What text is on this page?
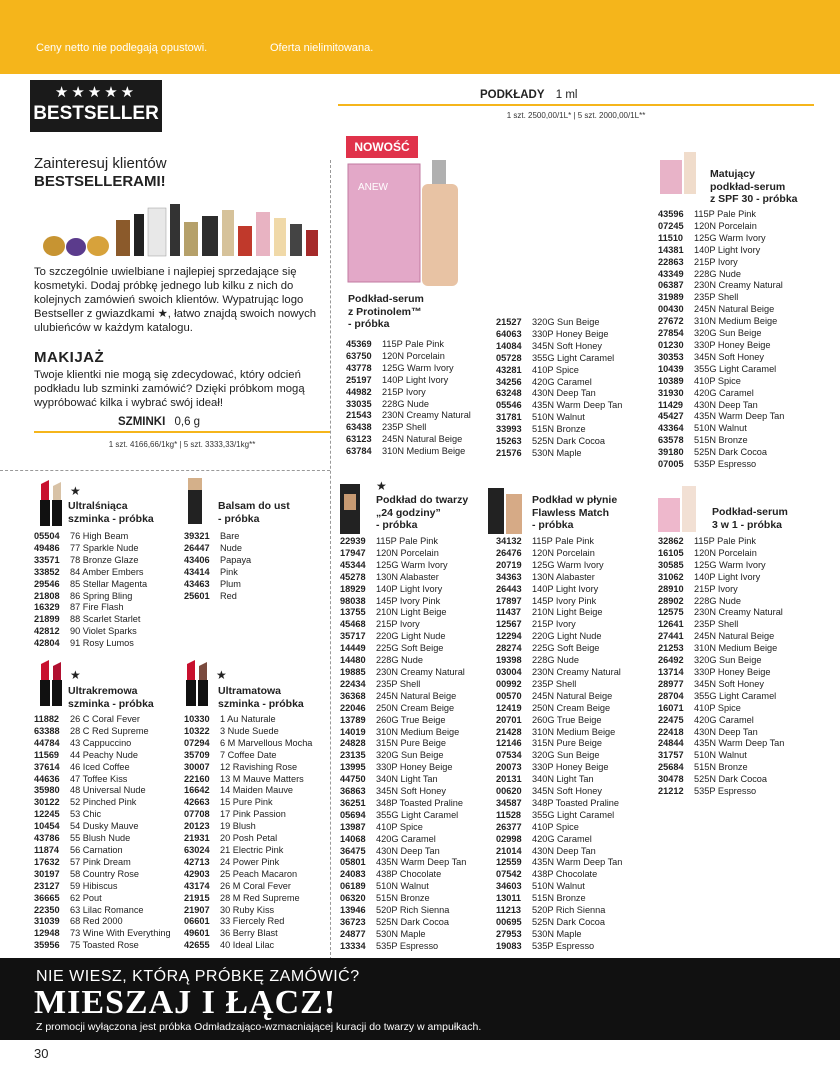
Ceny netto nie podlegają opustowi.	Oferta nielimitowana.
★★★★★
BESTSELLER
Zainteresuj klientów
BESTSELLERAMI!
To szczególnie uwielbiane i najlepiej sprzedające się kosmetyki. Dodaj próbkę jednego lub kilku z nich do kolejnych zamówień swoich klientów. Wypatrując logo Bestseller z gwiazdkami ★, łatwo znajdą swoich nowych ulubieńców w każdym katalogu.
MAKIJAŻ
Twoje klientki nie mogą się zdecydować, który odcień podkładu lub szminki zamówić? Dzięki próbkom mogą wypróbować kilka i wybrać swój ideał!
SZMINKI 0,6 g
1 szt. 4166,66/1kg* | 5 szt. 3333,33/1kg**
PODKŁADY 1 ml
1 szt. 2500,00/1L* | 5 szt. 2000,00/1L**
NOWOŚĆ
ANEW
★
Ultralśniąca
szminka - próbka
Balsam do ust
- próbka
★
Ultrakremowa
szminka - próbka
★
Ultramatowa
szminka - próbka
Podkład-serum
z Protinolem™
- próbka
Matujący
podkład-serum
z SPF 30 - próbka
★
Podkład do twarzy
„24 godziny”
- próbka
Podkład w płynie
Flawless Match
- próbka
Podkład-serum
3 w 1 - próbka
05504 76 High Beam
49486 77 Sparkle Nude
33571 78 Bronze Glaze
33852 84 Amber Embers
29546 85 Stellar Magenta
21808 86 Spring Bling
16329 87 Fire Flash
21899 88 Scarlet Starlet
42812 90 Violet Sparks
42804 91 Rosy Lumos
39321 Bare
26447 Nude
43406 Papaya
43414 Pink
43463 Plum
25601 Red
11882 26 C Coral Fever
63388 28 C Red Supreme
44784 43 Cappuccino
11569 44 Peachy Nude
37614 46 Iced Coffee
44636 47 Toffee Kiss
35980 48 Universal Nude
30122 52 Pinched Pink
12245 53 Chic
10454 54 Dusky Mauve
43786 55 Blush Nude
11874 56 Carnation
17632 57 Pink Dream
30197 58 Country Rose
23127 59 Hibiscus
36665 62 Pout
22350 63 Lilac Romance
31039 68 Red 2000
12948 73 Wine With Everything
35956 75 Toasted Rose
10330 1 Au Naturale
10322 3 Nude Suede
07294 6 M Marvellous Mocha
35709 7 Coffee Date
30007 12 Ravishing Rose
22160 13 M Mauve Matters
16642 14 Maiden Mauve
42663 15 Pure Pink
07708 17 Pink Passion
20123 19 Blush
21931 20 Posh Petal
63024 21 Electric Pink
42713 24 Power Pink
42903 25 Peach Macaron
43174 26 M Coral Fever
21915 28 M Red Supreme
21907 30 Ruby Kiss
06601 33 Fiercely Red
49601 36 Berry Blast
42655 40 Ideal Lilac
45369 115P Pale Pink
63750 120N Porcelain
43778 125G Warm Ivory
25197 140P Light Ivory
44982 215P Ivory
33035 228G Nude
21543 230N Creamy Natural
63438 235P Shell
63123 245N Natural Beige
63784 310N Medium Beige
21527 320G Sun Beige
64063 330P Honey Beige
14084 345N Soft Honey
05728 355G Light Caramel
43281 410P Spice
34256 420G Caramel
63248 430N Deep Tan
05546 435N Warm Deep Tan
31781 510N Walnut
33993 515N Bronze
15263 525N Dark Cocoa
21576 530N Maple
43596 115P Pale Pink
07245 120N Porcelain
11510 125G Warm Ivory
14381 140P Light Ivory
22863 215P Ivory
43349 228G Nude
06387 230N Creamy Natural
31989 235P Shell
00430 245N Natural Beige
27672 310N Medium Beige
27854 320G Sun Beige
01230 330P Honey Beige
30353 345N Soft Honey
10439 355G Light Caramel
10389 410P Spice
31930 420G Caramel
11429 430N Deep Tan
45427 435N Warm Deep Tan
43364 510N Walnut
63578 515N Bronze
39180 525N Dark Cocoa
07005 535P Espresso
22939 115P Pale Pink
17947 120N Porcelain
45344 125G Warm Ivory
45278 130N Alabaster
18929 140P Light Ivory
98038 145P Ivory Pink
13755 210N Light Beige
45468 215P Ivory
35717 220G Light Nude
14449 225G Soft Beige
14480 228G Nude
19885 230N Creamy Natural
22434 235P Shell
36368 245N Natural Beige
22046 250N Cream Beige
13789 260G True Beige
14019 310N Medium Beige
24828 315N Pure Beige
23135 320G Sun Beige
13995 330P Honey Beige
44750 340N Light Tan
36863 345N Soft Honey
36251 348P Toasted Praline
05694 355G Light Caramel
13987 410P Spice
14068 420G Caramel
36475 430N Deep Tan
05801 435N Warm Deep Tan
24083 438P Chocolate
06189 510N Walnut
06320 515N Bronze
13946 520P Rich Sienna
36723 525N Dark Cocoa
24877 530N Maple
13334 535P Espresso
34132 115P Pale Pink
26476 120N Porcelain
20719 125G Warm Ivory
34363 130N Alabaster
26443 140P Light Ivory
17897 145P Ivory Pink
11437 210N Light Beige
12567 215P Ivory
12294 220G Light Nude
28274 225G Soft Beige
19398 228G Nude
03004 230N Creamy Natural
00992 235P Shell
00570 245N Natural Beige
12419 250N Cream Beige
20701 260G True Beige
21428 310N Medium Beige
12146 315N Pure Beige
07534 320G Sun Beige
20073 330P Honey Beige
20131 340N Light Tan
00620 345N Soft Honey
34587 348P Toasted Praline
11528 355G Light Caramel
26377 410P Spice
02998 420G Caramel
21014 430N Deep Tan
12559 435N Warm Deep Tan
07542 438P Chocolate
34603 510N Walnut
13011 515N Bronze
11213 520P Rich Sienna
00695 525N Dark Cocoa
27953 530N Maple
19083 535P Espresso
32862 115P Pale Pink
16105 120N Porcelain
30585 125G Warm Ivory
31062 140P Light Ivory
28910 215P Ivory
28902 228G Nude
12575 230N Creamy Natural
12641 235P Shell
27441 245N Natural Beige
21253 310N Medium Beige
26492 320G Sun Beige
13714 330P Honey Beige
28977 345N Soft Honey
28704 355G Light Caramel
16071 410P Spice
22475 420G Caramel
22418 430N Deep Tan
24844 435N Warm Deep Tan
31757 510N Walnut
25684 515N Bronze
30478 525N Dark Cocoa
21212 535P Espresso
NIE WIESZ, KTÓRĄ PRÓBKĘ ZAMÓWIĆ?
MIESZAJ I ŁĄCZ!
Z promocji wyłączona jest próbka Odmładzająco-wzmacniającej kuracji do twarzy w ampułkach.
30
